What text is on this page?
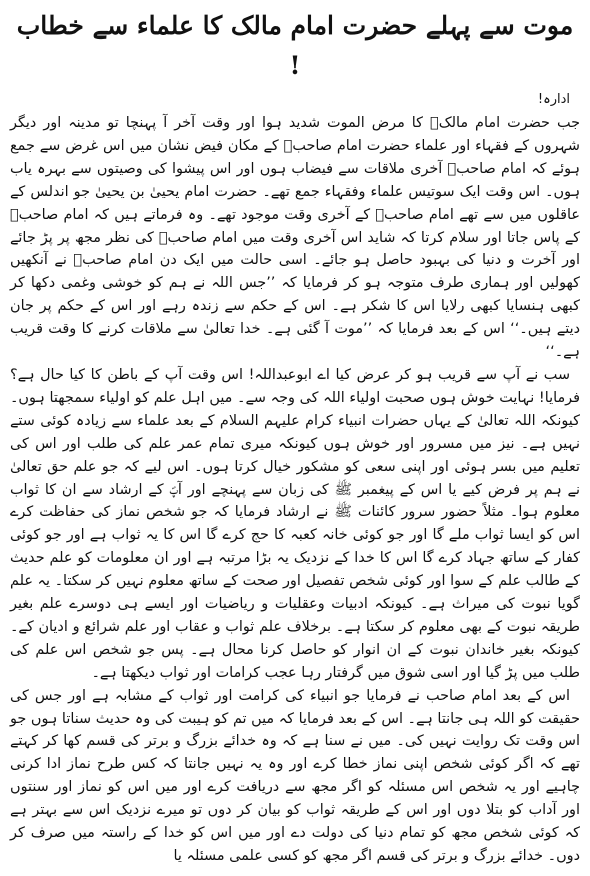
موت سے پہلے حضرت امام مالک کا علماء سے خطاب !
ادارہ!

جب حضرت امام مالکؒ کا مرض الموت شدید ہوا اور وقت آخر آ پہنچا تو مدینہ اور دیگر شہروں کے فقہاء اور علماء حضرت امام صاحبؒ کے مکان فیض نشان میں اس غرض سے جمع ہوئے کہ امام صاحبؒ آخری ملاقات سے فیضاب ہوں اور اس پیشوا کی وصیتوں سے بہرہ یاب ہوں۔ اس وقت ایک سوتیس علماء وفقہاء جمع تھے۔ حضرت امام یحییٰ بن یحییٰ جو اندلس کے عاقلوں میں سے تھے امام صاحبؒ کے آخری وقت موجود تھے۔ وہ فرماتے ہیں کہ امام صاحبؒ کے پاس جاتا اور سلام کرتا کہ شاید اس آخری وقت میں امام صاحبؒ کی نظر مجھ پر پڑ جائے اور آخرت و دنیا کی بہبود حاصل ہو جائے۔ اسی حالت میں ایک دن امام صاحبؒ نے آنکھیں کھولیں اور ہماری طرف متوجہ ہو کر فرمایا کہ ’’جس اللہ نے ہم کو خوشی وغمی دکھا کر کبھی ہنسایا کبھی رلایا اس کا شکر ہے۔ اس کے حکم سے زندہ رہے اور اس کے حکم پر جان دیتے ہیں۔‘‘ اس کے بعد فرمایا کہ ’’موت آ گئی ہے۔ خدا تعالیٰ سے ملاقات کرنے کا وقت قریب ہے۔‘‘

سب نے آپ سے قریب ہو کر عرض کیا اے ابوعبداللہ! اس وقت آپ کے باطن کا کیا حال ہے؟ فرمایا! نہایت خوش ہوں صحبت اولیاء اللہ کی وجہ سے۔ میں اہل علم کو اولیاء سمجھتا ہوں۔ کیونکہ اللہ تعالیٰ کے یہاں حضرات انبیاء کرام علیہم السلام کے بعد علماء سے زیادہ کوئی ستے نہیں ہے۔ نیز میں مسرور اور خوش ہوں کیونکہ میری تمام عمر علم کی طلب اور اس کی تعلیم میں بسر ہوئی اور اپنی سعی کو مشکور خیال کرتا ہوں۔ اس لیے کہ جو علم حق تعالیٰ نے ہم پر فرض کیے یا اس کے پیغمبر ﷺ کی زبان سے پہنچے اور آپؐ کے ارشاد سے ان کا ثواب معلوم ہوا۔ مثلاً حضور سرور کائنات ﷺ نے ارشاد فرمایا کہ جو شخص نماز کی حفاظت کرے اس کو ایسا ثواب ملے گا اور جو کوئی خانہ کعبہ کا حج کرے گا اس کا یہ ثواب ہے اور جو کوئی کفار کے ساتھ جہاد کرے گا اس کا خدا کے نزدیک یہ بڑا مرتبہ ہے اور ان معلومات کو علم حدیث کے طالب علم کے سوا اور کوئی شخص تفصیل اور صحت کے ساتھ معلوم نہیں کر سکتا۔ یہ علم گویا نبوت کی میراث ہے۔ کیونکہ ادبیات وعقلیات و ریاضیات اور ایسے ہی دوسرے علم بغیر طریقہ نبوت کے بھی معلوم کر سکتا ہے۔ برخلاف علم ثواب و عقاب اور علم شرائع و ادیان کے۔ کیونکہ بغیر خاندان نبوت کے ان انوار کو حاصل کرنا محال ہے۔ پس جو شخص اس علم کی طلب میں پڑ گیا اور اسی شوق میں گرفتار رہا عجب کرامات اور ثواب دیکھتا ہے۔

اس کے بعد امام صاحب نے فرمایا جو انبیاء کی کرامت اور ثواب کے مشابہ ہے اور جس کی حقیقت کو اللہ ہی جانتا ہے۔ اس کے بعد فرمایا کہ میں تم کو ہیبت کی وہ حدیث سناتا ہوں جو اس وقت تک روایت نہیں کی۔ میں نے سنا ہے کہ وہ خدائے بزرگ و برتر کی قسم کھا کر کہتے تھے کہ اگر کوئی شخص اپنی نماز خطا کرے اور وہ یہ نہیں جانتا کہ کس طرح نماز ادا کرنی چاہیے اور یہ شخص اس مسئلہ کو اگر مجھ سے دریافت کرے اور میں اس کو نماز اور سنتوں اور آداب کو بتلا دوں اور اس کے طریقہ ثواب کو بیان کر دوں تو میرے نزدیک اس سے بہتر ہے کہ کوئی شخص مجھ کو تمام دنیا کی دولت دے اور میں اس کو خدا کے راستہ میں صرف کر دوں۔ خدائے بزرگ و برتر کی قسم اگر مجھ کو کسی علمی مسئلہ یا
